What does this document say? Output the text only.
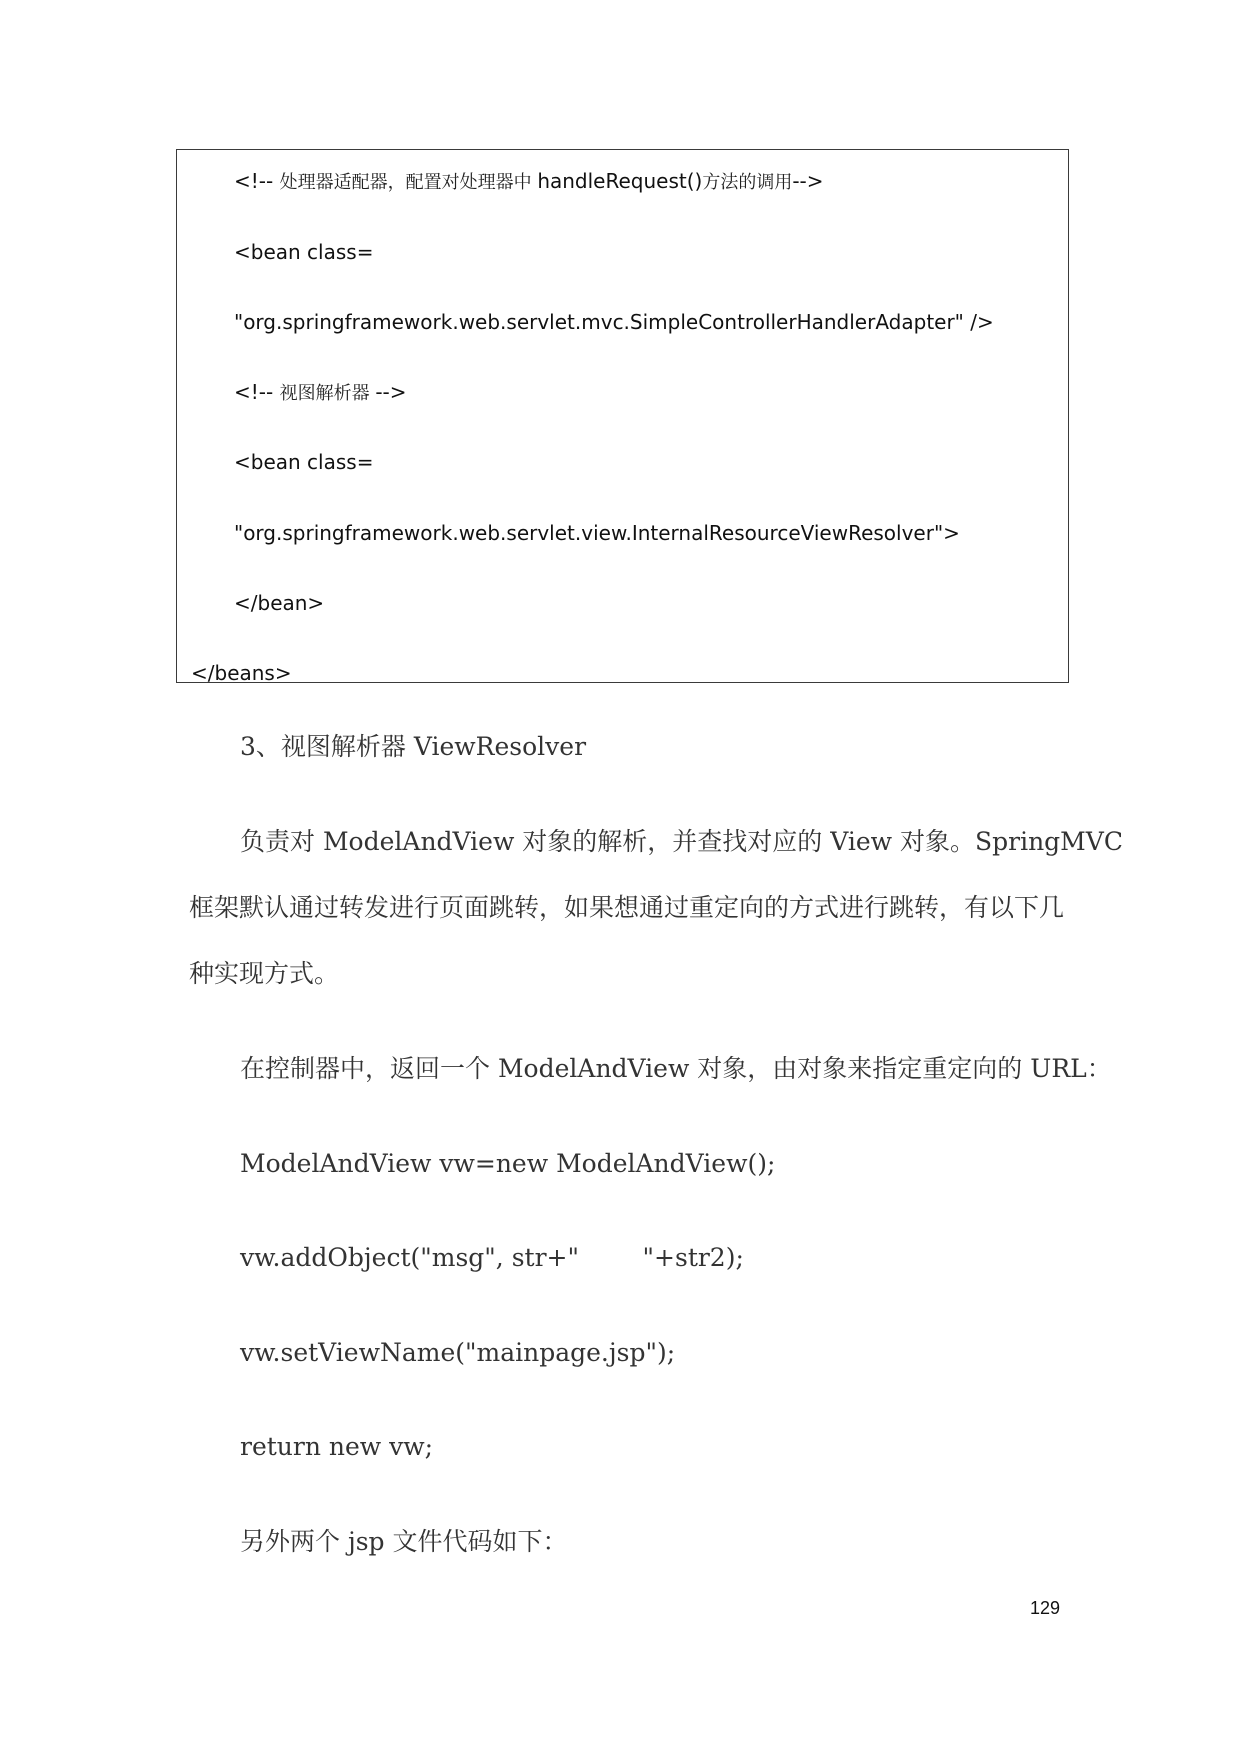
<!-- 处理器适配器，配置对处理器中 handleRequest()方法的调用-->
<bean class=
"org.springframework.web.servlet.mvc.SimpleControllerHandlerAdapter" />
<!-- 视图解析器 -->
<bean class=
"org.springframework.web.servlet.view.InternalResourceViewResolver">
</bean>
</beans>
3、视图解析器 ViewResolver
负责对 ModelAndView 对象的解析，并查找对应的 View 对象。SpringMVC
框架默认通过转发进行页面跳转，如果想通过重定向的方式进行跳转，有以下几
种实现方式。
在控制器中，返回一个 ModelAndView 对象，由对象来指定重定向的 URL：
ModelAndView vw=new ModelAndView();
vw.addObject("msg", str+"        "+str2);
vw.setViewName("mainpage.jsp");
return new vw;
另外两个 jsp 文件代码如下：
129
